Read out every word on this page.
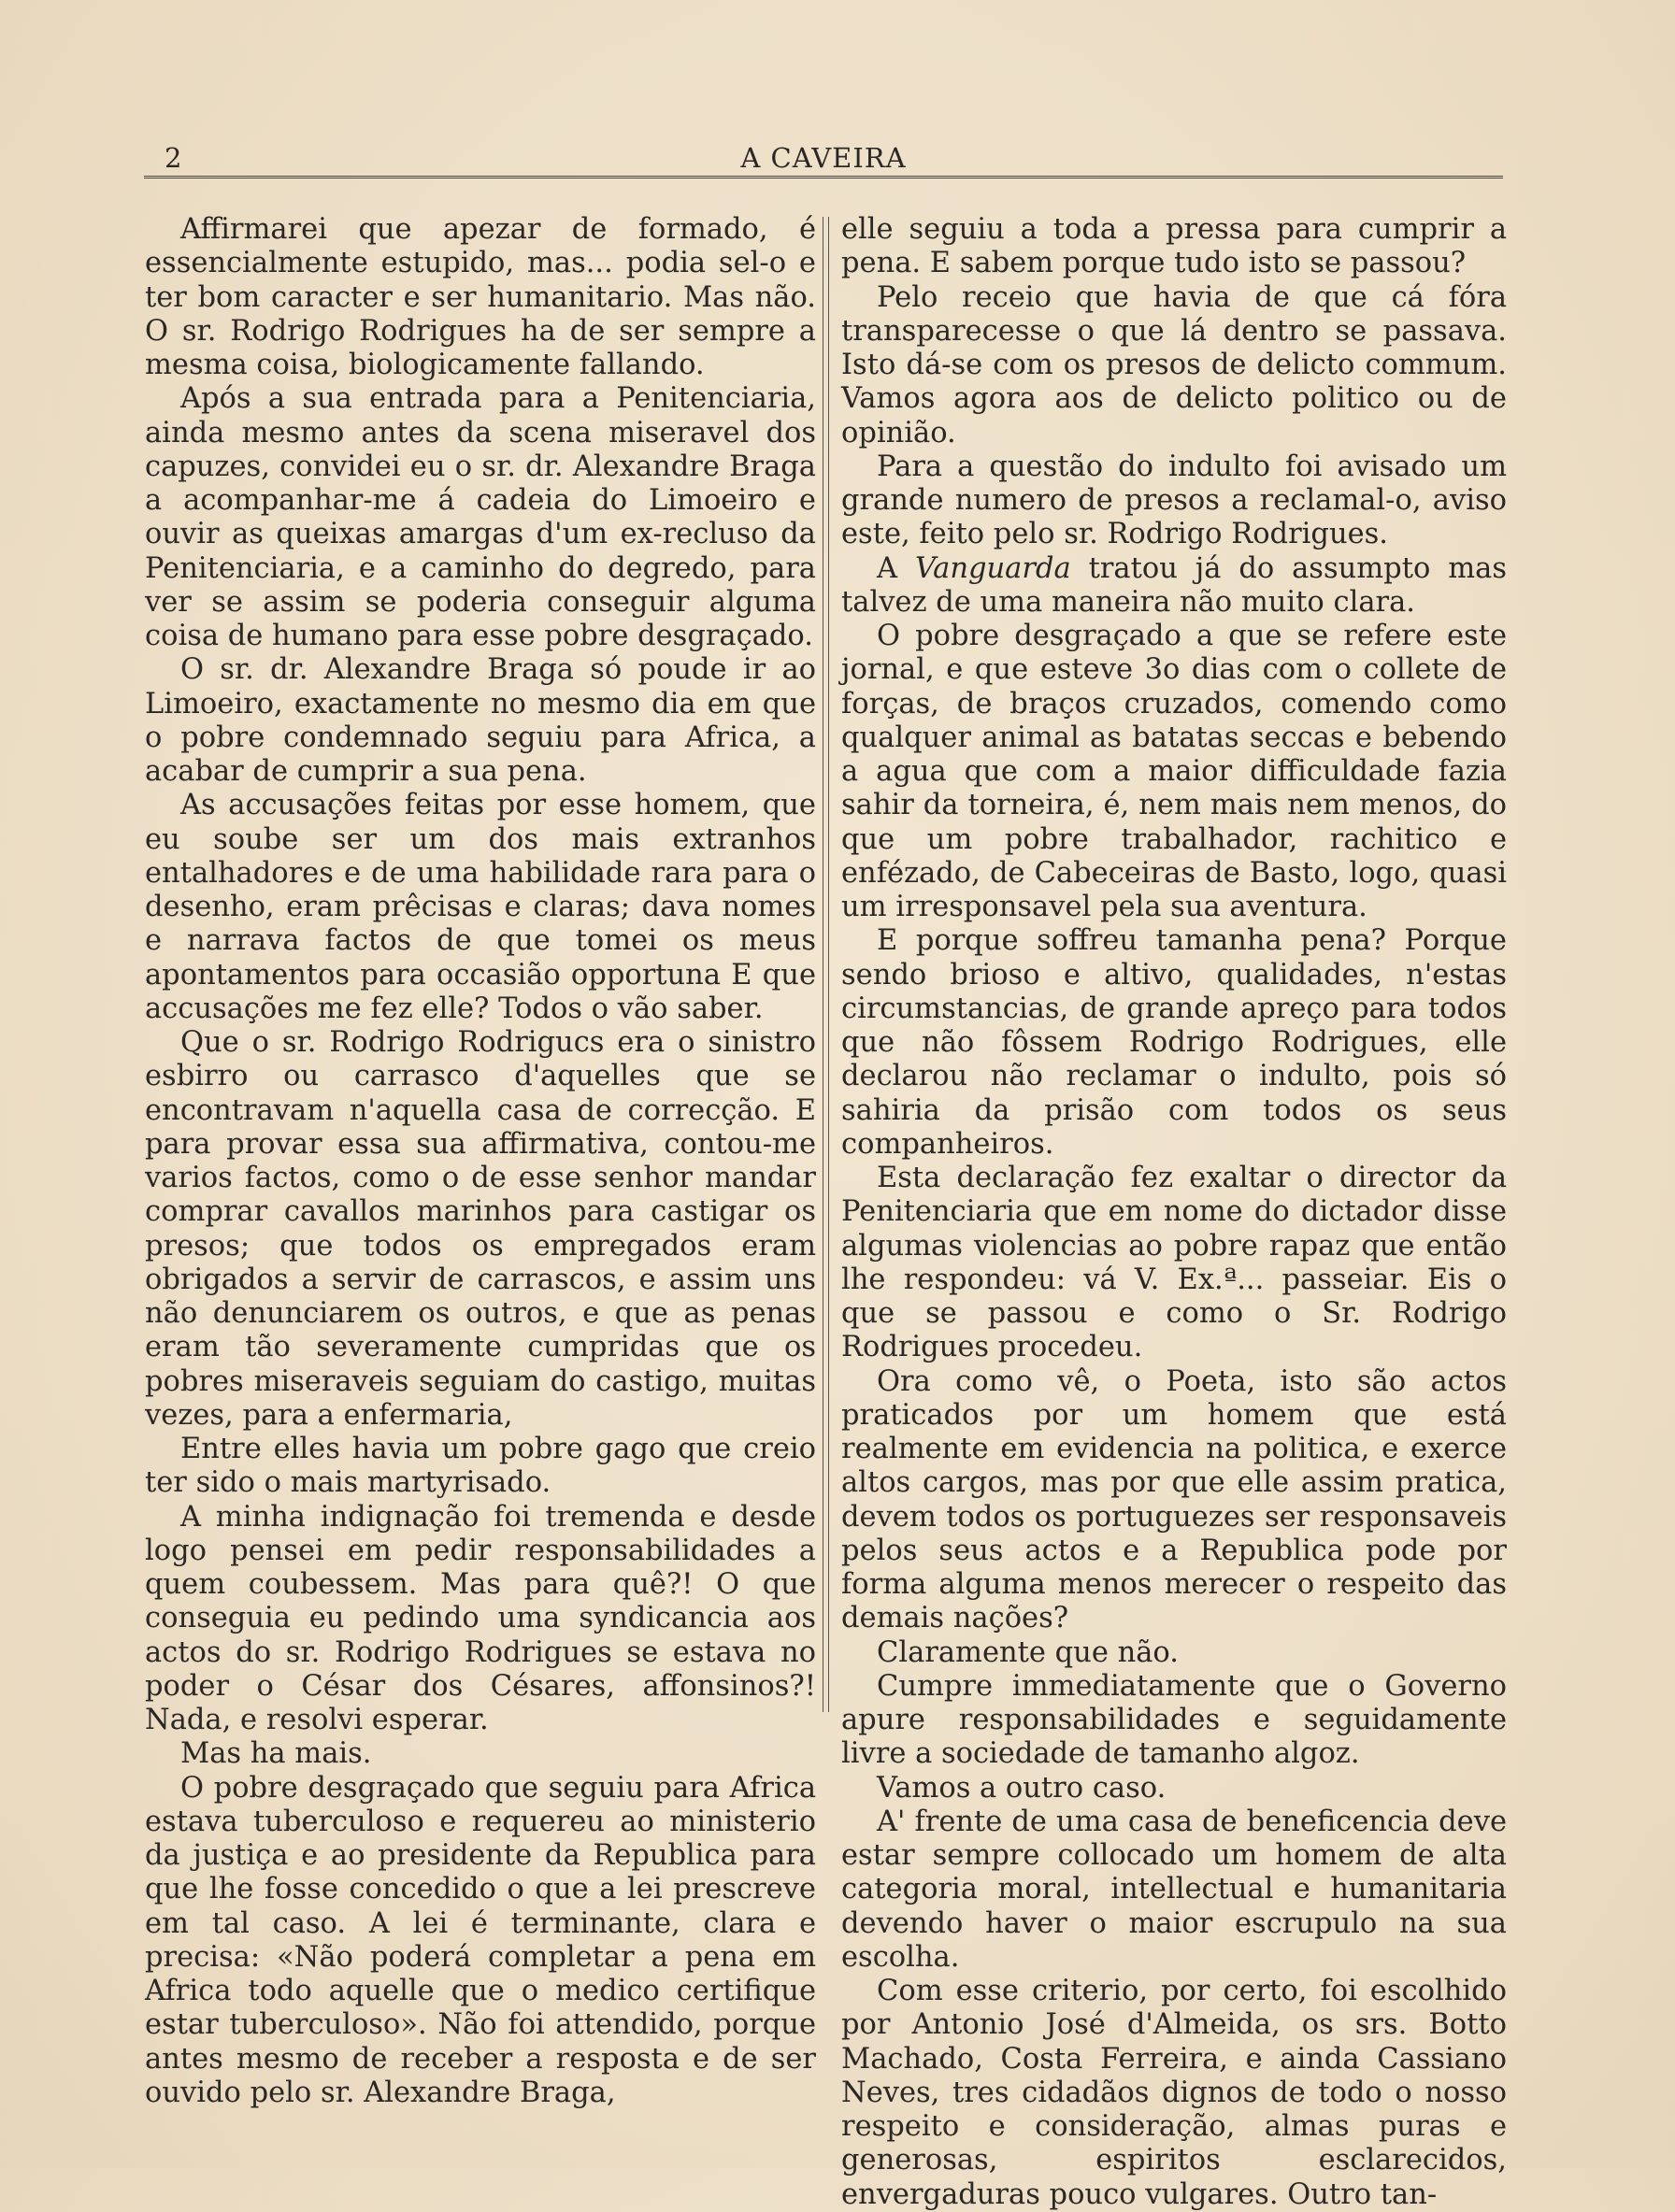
2	A CAVEIRA

Affirmarei que apezar de formado, é essencialmente estupido, mas... podia sel-o e ter bom caracter e ser humanitario. Mas não. O sr. Rodrigo Rodrigues ha de ser sempre a mesma coisa, biologicamente fallando.

Após a sua entrada para a Penitenciaria, ainda mesmo antes da scena miseravel dos capuzes, convidei eu o sr. dr. Alexandre Braga a acompanhar-me á cadeia do Limoeiro e ouvir as queixas amargas d'um ex-recluso da Penitenciaria, e a caminho do degredo, para ver se assim se poderia conseguir alguma coisa de humano para esse pobre desgraçado.

O sr. dr. Alexandre Braga só poude ir ao Limoeiro, exactamente no mesmo dia em que o pobre condemnado seguiu para Africa, a acabar de cumprir a sua pena.

As accusações feitas por esse homem, que eu soube ser um dos mais extranhos entalhadores e de uma habilidade rara para o desenho, eram prêcisas e claras; dava nomes e narrava factos de que tomei os meus apontamentos para occasião opportuna E que accusações me fez elle? Todos o vão saber.

Que o sr. Rodrigo Rodrigucs era o sinistro esbirro ou carrasco d'aquelles que se encontravam n'aquella casa de correcção. E para provar essa sua affirmativa, contou-me varios factos, como o de esse senhor mandar comprar cavallos marinhos para castigar os presos; que todos os empregados eram obrigados a servir de carrascos, e assim uns não denunciarem os outros, e que as penas eram tão severamente cumpridas que os pobres miseraveis seguiam do castigo, muitas vezes, para a enfermaria,

Entre elles havia um pobre gago que creio ter sido o mais martyrisado.

A minha indignação foi tremenda e desde logo pensei em pedir responsabilidades a quem coubessem. Mas para quê?! O que conseguia eu pedindo uma syndicancia aos actos do sr. Rodrigo Rodrigues se estava no poder o César dos Césares, affonsinos?! Nada, e resolvi esperar.

Mas ha mais.

O pobre desgraçado que seguiu para Africa estava tuberculoso e requereu ao ministerio da justiça e ao presidente da Republica para que lhe fosse concedido o que a lei prescreve em tal caso. A lei é terminante, clara e precisa: «Não poderá completar a pena em Africa todo aquelle que o medico certifique estar tuberculoso». Não foi attendido, porque antes mesmo de receber a resposta e de ser ouvido pelo sr. Alexandre Braga,

elle seguiu a toda a pressa para cumprir a pena. E sabem porque tudo isto se passou?

Pelo receio que havia de que cá fóra transparecesse o que lá dentro se passava. Isto dá-se com os presos de delicto commum. Vamos agora aos de delicto politico ou de opinião.

Para a questão do indulto foi avisado um grande numero de presos a reclamal-o, aviso este, feito pelo sr. Rodrigo Rodrigues.

A Vanguarda tratou já do assumpto mas talvez de uma maneira não muito clara.

O pobre desgraçado a que se refere este jornal, e que esteve 3o dias com o collete de forças, de braços cruzados, comendo como qualquer animal as batatas seccas e bebendo a agua que com a maior difficuldade fazia sahir da torneira, é, nem mais nem menos, do que um pobre trabalhador, rachitico e enfézado, de Cabeceiras de Basto, logo, quasi um irresponsavel pela sua aventura.

E porque soffreu tamanha pena? Porque sendo brioso e altivo, qualidades, n'estas circumstancias, de grande apreço para todos que não fôssem Rodrigo Rodrigues, elle declarou não reclamar o indulto, pois só sahiria da prisão com todos os seus companheiros.

Esta declaração fez exaltar o director da Penitenciaria que em nome do dictador disse algumas violencias ao pobre rapaz que então lhe respondeu: vá V. Ex.ª... passeiar. Eis o que se passou e como o Sr. Rodrigo Rodrigues procedeu.

Ora como vê, o Poeta, isto são actos praticados por um homem que está realmente em evidencia na politica, e exerce altos cargos, mas por que elle assim pratica, devem todos os portuguezes ser responsaveis pelos seus actos e a Republica pode por forma alguma menos merecer o respeito das demais nações?

Claramente que não.

Cumpre immediatamente que o Governo apure responsabilidades e seguidamente livre a sociedade de tamanho algoz.

Vamos a outro caso.

A' frente de uma casa de beneficencia deve estar sempre collocado um homem de alta categoria moral, intellectual e humanitaria devendo haver o maior escrupulo na sua escolha.

Com esse criterio, por certo, foi escolhido por Antonio José d'Almeida, os srs. Botto Machado, Costa Ferreira, e ainda Cassiano Neves, tres cidadãos dignos de todo o nosso respeito e consideração, almas puras e generosas, espiritos esclarecidos, envergaduras pouco vulgares. Outro tan-
